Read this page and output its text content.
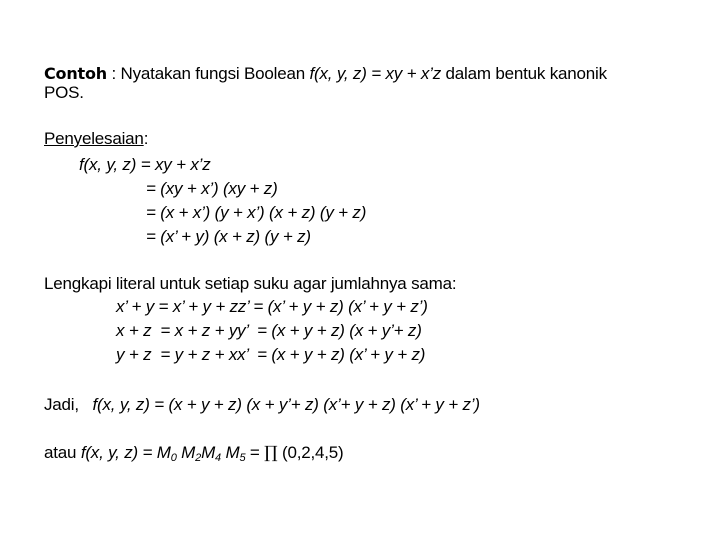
Contoh : Nyatakan fungsi Boolean f(x, y, z) = xy + x’z dalam bentuk kanonik
POS.
Penyelesaian:
f(x, y, z) = xy + x’z
= (xy + x’) (xy + z)
= (x + x’) (y + x’) (x + z) (y + z)
= (x’ + y) (x + z) (y + z)
Lengkapi literal untuk setiap suku agar jumlahnya sama:
x’ + y = x’ + y + zz’ = (x’ + y + z) (x’ + y + z’)
x + z  = x + z + yy’  = (x + y + z) (x + y’+ z)
y + z  = y + z + xx’  = (x + y + z) (x’ + y + z)
Jadi, f(x, y, z) = (x + y + z) (x + y’+ z) (x’+ y + z) (x’ + y + z’)
atau f(x, y, $z) = M_0$ $M_2M_4$ $M_5$ = ∏ (0,2,4,5)
